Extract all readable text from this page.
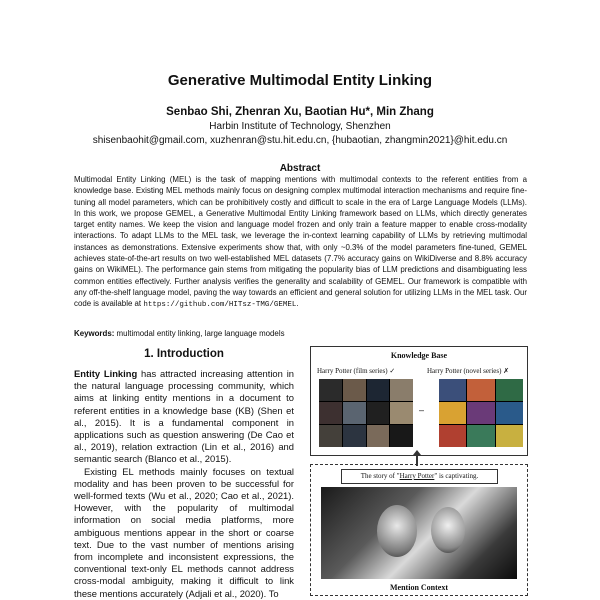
Generative Multimodal Entity Linking
Senbao Shi, Zhenran Xu, Baotian Hu*, Min Zhang
Harbin Institute of Technology, Shenzhen
shisenbaohit@gmail.com, xuzhenran@stu.hit.edu.cn, {hubaotian, zhangmin2021}@hit.edu.cn
Abstract
Multimodal Entity Linking (MEL) is the task of mapping mentions with multimodal contexts to the referent entities from a knowledge base. Existing MEL methods mainly focus on designing complex multimodal interaction mechanisms and require fine-tuning all model parameters, which can be prohibitively costly and difficult to scale in the era of Large Language Models (LLMs). In this work, we propose GEMEL, a Generative Multimodal Entity Linking framework based on LLMs, which directly generates target entity names. We keep the vision and language model frozen and only train a feature mapper to enable cross-modality interactions. To adapt LLMs to the MEL task, we leverage the in-context learning capability of LLMs by retrieving multimodal instances as demonstrations. Extensive experiments show that, with only ~0.3% of the model parameters fine-tuned, GEMEL achieves state-of-the-art results on two well-established MEL datasets (7.7% accuracy gains on WikiDiverse and 8.8% accuracy gains on WikiMEL). The performance gain stems from mitigating the popularity bias of LLM predictions and disambiguating less common entities effectively. Further analysis verifies the generality and scalability of GEMEL. Our framework is compatible with any off-the-shelf language model, paving the way towards an efficient and general solution for utilizing LLMs in the MEL task. Our code is available at https://github.com/HITsz-TMG/GEMEL.
Keywords: multimodal entity linking, large language models
1. Introduction

Entity Linking has attracted increasing attention in the natural language processing community, which aims at linking entity mentions in a document to referent entities in a knowledge base (KB) (Shen et al., 2015). It is a fundamental component in applications such as question answering (De Cao et al., 2019), relation extraction (Lin et al., 2016) and semantic search (Blanco et al., 2015).

Existing EL methods mainly focuses on textual modality and has been proven to be successful for well-formed texts (Wu et al., 2020; Cao et al., 2021). However, with the popularity of multimodal information on social media platforms, more ambiguous mentions appear in the short or coarse text. Due to the vast number of mentions arising from incomplete and inconsistent expressions, the conventional text-only EL methods cannot address cross-modal ambiguity, making it difficult to link these mentions accurately (Adjali et al., 2020). To

Knowledge Base
Harry Potter (film series) ✓	Harry Potter (novel series) ✗
–
The story of "Harry Potter" is captivating.
Mention Context
